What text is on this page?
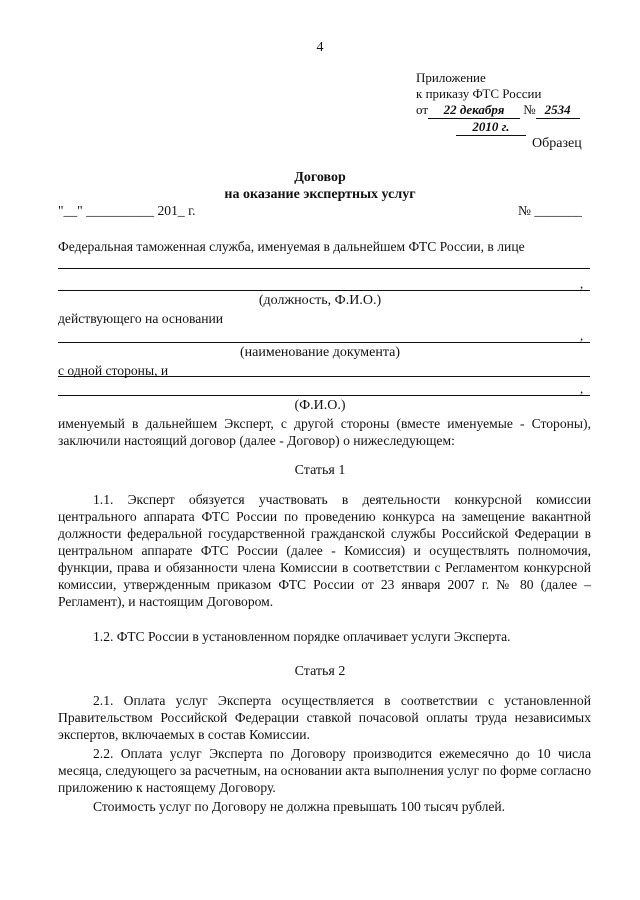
4
Приложение
к приказу ФТС России
от 22 декабря № 2534
2010 г.
Образец
Договор
на оказание экспертных услуг
"__" __________ 201_ г.	№ _______
Федеральная таможенная служба, именуемая в дальнейшем ФТС России, в лице
,
(должность, Ф.И.О.)
действующего на основании
,
(наименование документа)
с одной стороны, и
,
(Ф.И.О.)
именуемый в дальнейшем Эксперт, с другой стороны (вместе именуемые - Стороны), заключили настоящий договор (далее - Договор) о нижеследующем:
Статья 1
1.1. Эксперт обязуется участвовать в деятельности конкурсной комиссии центрального аппарата ФТС России по проведению конкурса на замещение вакантной должности федеральной государственной гражданской службы Российской Федерации в центральном аппарате ФТС России (далее - Комиссия) и осуществлять полномочия, функции, права и обязанности члена Комиссии в соответствии с Регламентом конкурсной комиссии, утвержденным приказом ФТС России от 23 января 2007 г. № 80 (далее – Регламент), и настоящим Договором.
1.2. ФТС России в установленном порядке оплачивает услуги Эксперта.
Статья 2
2.1. Оплата услуг Эксперта осуществляется в соответствии с установленной Правительством Российской Федерации ставкой почасовой оплаты труда независимых экспертов, включаемых в состав Комиссии.
2.2. Оплата услуг Эксперта по Договору производится ежемесячно до 10 числа месяца, следующего за расчетным, на основании акта выполнения услуг по форме согласно приложению к настоящему Договору.
Стоимость услуг по Договору не должна превышать 100 тысяч рублей.
